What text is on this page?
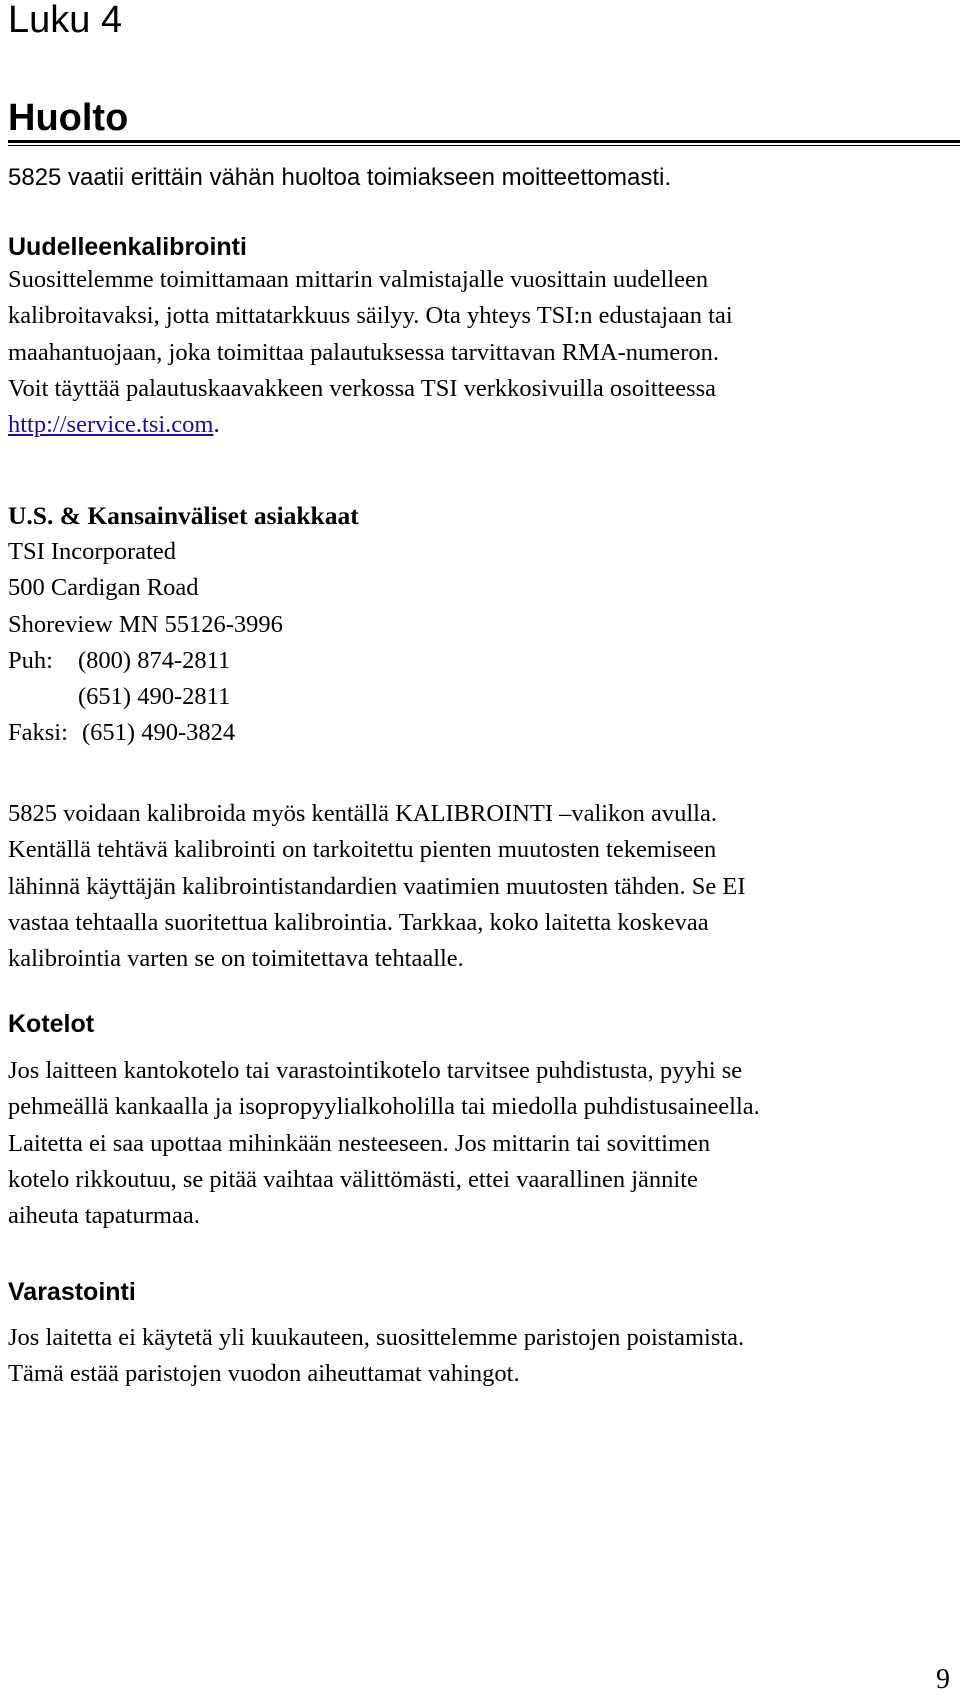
Luku 4
Huolto
5825 vaatii erittäin vähän huoltoa toimiakseen moitteettomasti.
Uudelleenkalibrointi
Suosittelemme toimittamaan mittarin valmistajalle vuosittain uudelleen
kalibroitavaksi, jotta mittatarkkuus säilyy. Ota yhteys TSI:n edustajaan tai
maahantuojaan, joka toimittaa palautuksessa tarvittavan RMA-numeron.
Voit täyttää palautuskaavakkeen verkossa TSI verkkosivuilla osoitteessa
http://service.tsi.com.
U.S. & Kansainväliset asiakkaat
TSI Incorporated
500 Cardigan Road
Shoreview MN 55126-3996
Puh:	(800) 874-2811
(651) 490-2811
Faksi: (651) 490-3824
5825 voidaan kalibroida myös kentällä KALIBROINTI –valikon avulla.
Kentällä tehtävä kalibrointi on tarkoitettu pienten muutosten tekemiseen
lähinnä käyttäjän kalibrointistandardien vaatimien muutosten tähden. Se EI
vastaa tehtaalla suoritettua kalibrointia. Tarkkaa, koko laitetta koskevaa
kalibrointia varten se on toimitettava tehtaalle.
Kotelot
Jos laitteen kantokotelo tai varastointikotelo tarvitsee puhdistusta, pyyhi se
pehmeällä kankaalla ja isopropyylialkoholilla tai miedolla puhdistusaineella.
Laitetta ei saa upottaa mihinkään nesteeseen. Jos mittarin tai sovittimen
kotelo rikkoutuu, se pitää vaihtaa välittömästi, ettei vaarallinen jännite
aiheuta tapaturmaa.
Varastointi
Jos laitetta ei käytetä yli kuukauteen, suosittelemme paristojen poistamista.
Tämä estää paristojen vuodon aiheuttamat vahingot.
9
